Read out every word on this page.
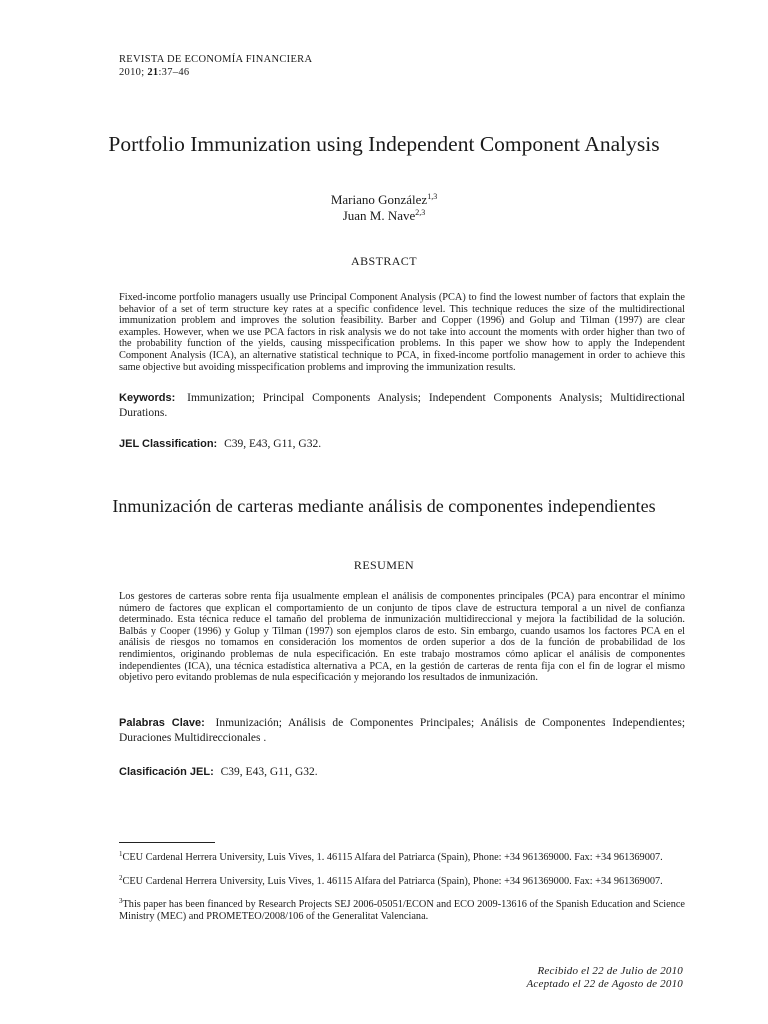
REVISTA DE ECONOMÍA FINANCIERA
2010; 21:37–46
Portfolio Immunization using Independent Component Analysis
Mariano González$^{1,3}$
Juan M. Nave$^{2,3}$
ABSTRACT
Fixed-income portfolio managers usually use Principal Component Analysis (PCA) to find the lowest number of factors that explain the behavior of a set of term structure key rates at a specific confidence level. This technique reduces the size of the multidirectional immunization problem and improves the solution feasibility. Barber and Copper (1996) and Golup and Tilman (1997) are clear examples. However, when we use PCA factors in risk analysis we do not take into account the moments with order higher than two of the probability function of the yields, causing misspecification problems. In this paper we show how to apply the Independent Component Analysis (ICA), an alternative statistical technique to PCA, in fixed-income portfolio management in order to achieve this same objective but avoiding misspecification problems and improving the immunization results.
Keywords: Immunization; Principal Components Analysis; Independent Components Analysis; Multidirectional Durations.
JEL Classification: C39, E43, G11, G32.
Inmunización de carteras mediante análisis de componentes independientes
RESUMEN
Los gestores de carteras sobre renta fija usualmente emplean el análisis de componentes principales (PCA) para encontrar el mínimo número de factores que explican el comportamiento de un conjunto de tipos clave de estructura temporal a un nivel de confianza determinado. Esta técnica reduce el tamaño del problema de inmunización multidireccional y mejora la factibilidad de la solución. Balbás y Cooper (1996) y Golup y Tilman (1997) son ejemplos claros de esto. Sin embargo, cuando usamos los factores PCA en el análisis de riesgos no tomamos en consideración los momentos de orden superior a dos de la función de probabilidad de los rendimientos, originando problemas de nula especificación. En este trabajo mostramos cómo aplicar el análisis de componentes independientes (ICA), una técnica estadística alternativa a PCA, en la gestión de carteras de renta fija con el fin de lograr el mismo objetivo pero evitando problemas de nula especificación y mejorando los resultados de inmunización.
Palabras Clave: Inmunización; Análisis de Componentes Principales; Análisis de Componentes Independientes; Duraciones Multidireccionales .
Clasificación JEL: C39, E43, G11, G32.
$^1$CEU Cardenal Herrera University, Luis Vives, 1. 46115 Alfara del Patriarca (Spain), Phone: +34 961369000. Fax: +34 961369007.
$^2$CEU Cardenal Herrera University, Luis Vives, 1. 46115 Alfara del Patriarca (Spain), Phone: +34 961369000. Fax: +34 961369007.
$^3$This paper has been financed by Research Projects SEJ 2006-05051/ECON and ECO 2009-13616 of the Spanish Education and Science Ministry (MEC) and PROMETEO/2008/106 of the Generalitat Valenciana.
Recibido el 22 de Julio de 2010
Aceptado el 22 de Agosto de 2010
